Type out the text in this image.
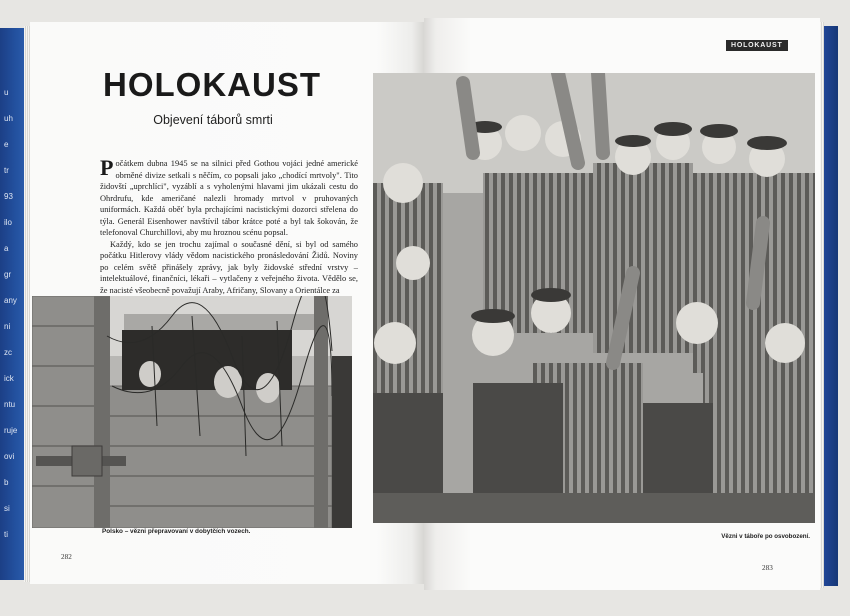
u
uh
e
tr
93
ilo
a
gr
any
ni
zc
ick
ntu
ruje
ovi
b
si
ti
HOLOKAUST
Objevení táborů smrti

Počátkem dubna 1945 se na silnici před Gothou vojáci jedné americké obrněné divize setkali s něčím, co popsali jako „chodící mrtvoly". Tito židovští „uprchlíci", vyzáblí a s vyholenými hlavami jim ukázali cestu do Ohrdrufu, kde američané nalezli hromady mrtvol v pruhovaných uniformách. Každá oběť byla prchajícími nacistickými dozorci střelena do týla. Generál Eisenhower navštívil tábor krátce poté a byl tak šokován, že telefonoval Churchillovi, aby mu hroznou scénu popsal.

Každý, kdo se jen trochu zajímal o současné dění, si byl od samého počátku Hitlerovy vlády vědom nacistického pronásledování Židů. Noviny po celém světě přinášely zprávy, jak byly židovské střední vrstvy – intelektuálové, finančníci, lékaři – vytlačeny z veřejného života. Vědělo se, že nacisté všeobecně považují Araby, Afričany, Slovany a Orientálce za

Polsko – vězni přepravovaní v dobytčích vozech.
282
HOLOKAUST
Vězni v táboře po osvobození.
283
